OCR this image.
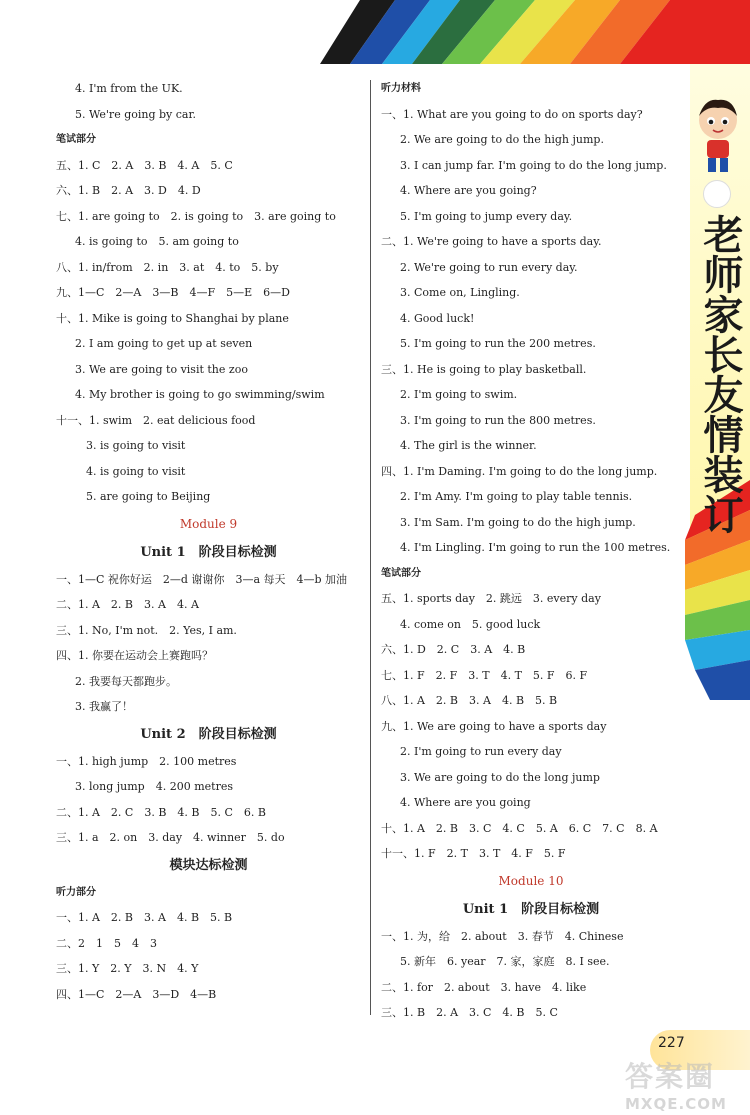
老师家长友情装订
4. I'm from the UK.
5. We're going by car.
笔试部分
五、1. C　2. A　3. B　4. A　5. C
六、1. B　2. A　3. D　4. D
七、1. are going to　2. is going to　3. are going to
4. is going to　5. am going to
八、1. in/from　2. in　3. at　4. to　5. by
九、1—C　2—A　3—B　4—F　5—E　6—D
十、1. Mike is going to Shanghai by plane
2. I am going to get up at seven
3. We are going to visit the zoo
4. My brother is going to go swimming/swim
十一、1. swim　2. eat delicious food
3. is going to visit
4. is going to visit
5. are going to Beijing
Module 9
Unit 1　 阶段目标检测
一、1—C 祝你好运　2—d 谢谢你　3—a 每天　4—b 加油
二、1. A　2. B　3. A　4. A
三、1. No, I'm not.　2. Yes, I am.
四、1. 你要在运动会上赛跑吗？
2. 我要每天都跑步。
3. 我赢了！
Unit 2　 阶段目标检测
一、1. high jump　2. 100 metres
3. long jump　4. 200 metres
二、1. A　2. C　3. B　4. B　5. C　6. B
三、1. a　2. on　3. day　4. winner　5. do
模块达标检测
听力部分
一、1. A　2. B　3. A　4. B　5. B
二、2　1　5　4　3
三、1. Y　2. Y　3. N　4. Y
四、1—C　2—A　3—D　4—B
听力材料
一、1. What are you going to do on sports day?
2. We are going to do the high jump.
3. I can jump far. I'm going to do the long jump.
4. Where are you going?
5. I'm going to jump every day.
二、1. We're going to have a sports day.
2. We're going to run every day.
3. Come on, Lingling.
4. Good luck!
5. I'm going to run the 200 metres.
三、1. He is going to play basketball.
2. I'm going to swim.
3. I'm going to run the 800 metres.
4. The girl is the winner.
四、1. I'm Daming. I'm going to do the long jump.
2. I'm Amy. I'm going to play table tennis.
3. I'm Sam. I'm going to do the high jump.
4. I'm Lingling. I'm going to run the 100 metres.
笔试部分
五、1. sports day　2. 跳远　3. every day
4. come on　5. good luck
六、1. D　2. C　3. A　4. B
七、1. F　2. F　3. T　4. T　5. F　6. F
八、1. A　2. B　3. A　4. B　5. B
九、1. We are going to have a sports day
2. I'm going to run every day
3. We are going to do the long jump
4. Where are you going
十、1. A　2. B　3. C　4. C　5. A　6. C　7. C　8. A
十一、1. F　2. T　3. T　4. F　5. F
Module 10
Unit 1　 阶段目标检测
一、1. 为，给　2. about　3. 春节　4. Chinese
5. 新年　6. year　7. 家，家庭　8. I see.
二、1. for　2. about　3. have　4. like
三、1. B　2. A　3. C　4. B　5. C
227
答案圈
MXQE.COM
